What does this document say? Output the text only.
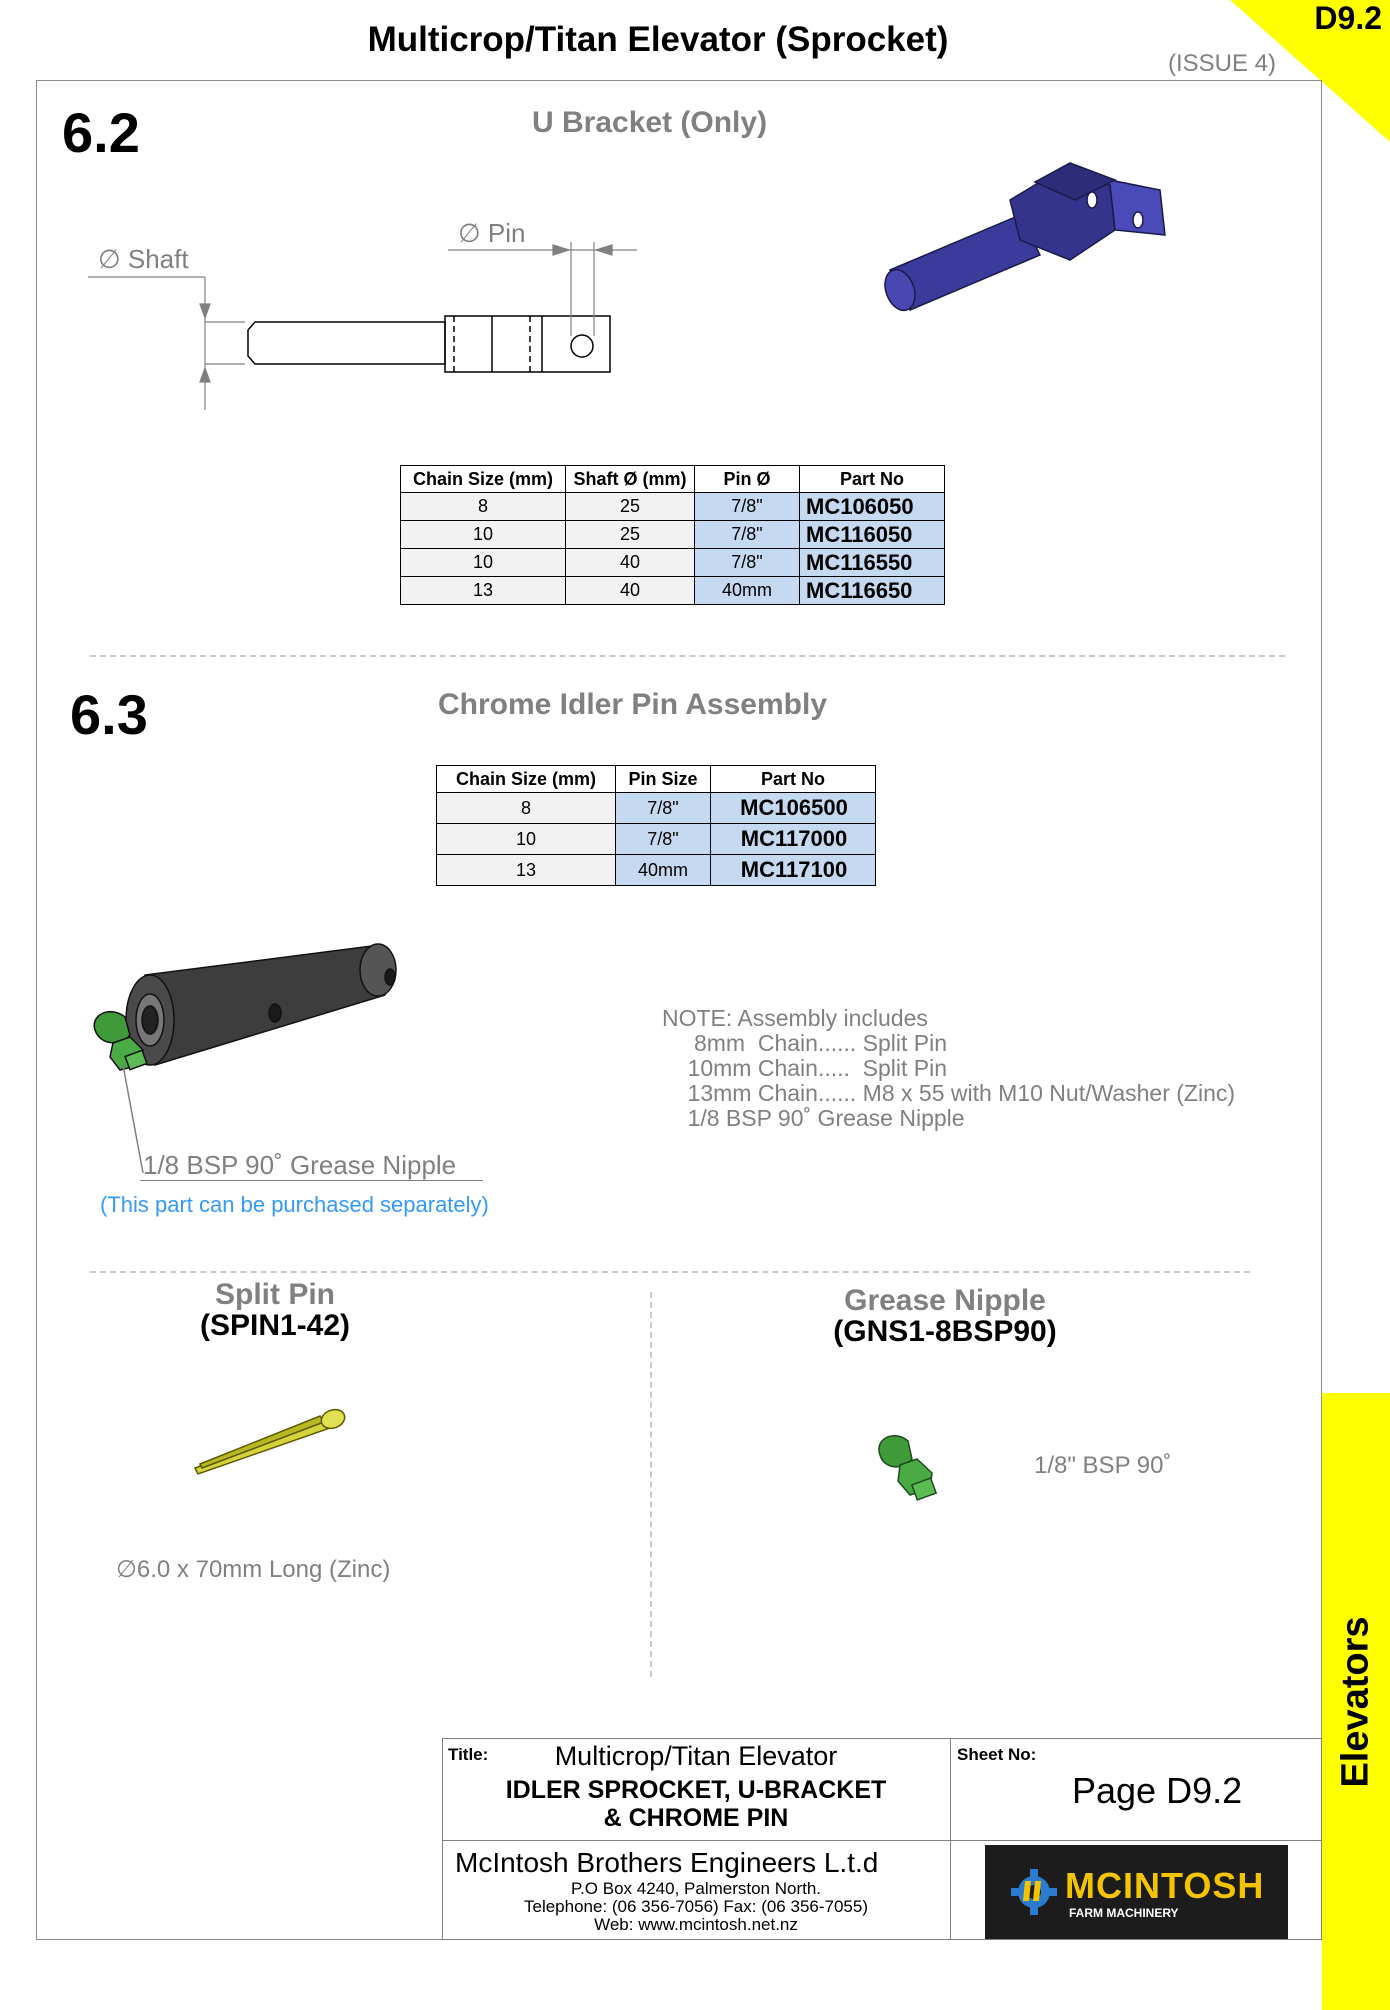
Multicrop/Titan Elevator (Sprocket)
(ISSUE 4)
D9.2
Elevators
6.2	U Bracket (Only)
∅ Shaft
∅ Pin
Chain Size (mm)	Shaft Ø (mm)	Pin Ø	Part No
8	25	7/8"	MC106050
10	25	7/8"	MC116050
10	40	7/8"	MC116550
13	40	40mm	MC116650
6.3	Chrome Idler Pin Assembly
Chain Size (mm)	Pin Size	Part No
8	7/8"	MC106500
10	7/8"	MC117000
13	40mm	MC117100
1/8 BSP 90˚ Grease Nipple
(This part can be purchased separately)
NOTE: Assembly includes
8mm  Chain...... Split Pin
10mm Chain.....  Split Pin
13mm Chain...... M8 x 55 with M10 Nut/Washer (Zinc)
1/8 BSP 90˚ Grease Nipple
Split Pin
(SPIN1-42)
∅6.0 x 70mm Long (Zinc)
Grease Nipple
(GNS1-8BSP90)
1/8" BSP 90˚
Title:	Multicrop/Titan Elevator
IDLER SPROCKET, U-BRACKET
& CHROME PIN
Sheet No:
Page D9.2
McIntosh Brothers Engineers L.t.d
P.O Box 4240, Palmerston North.
Telephone: (06 356-7056) Fax: (06 356-7055)
Web: www.mcintosh.net.nz
MCINTOSH
FARM MACHINERY
